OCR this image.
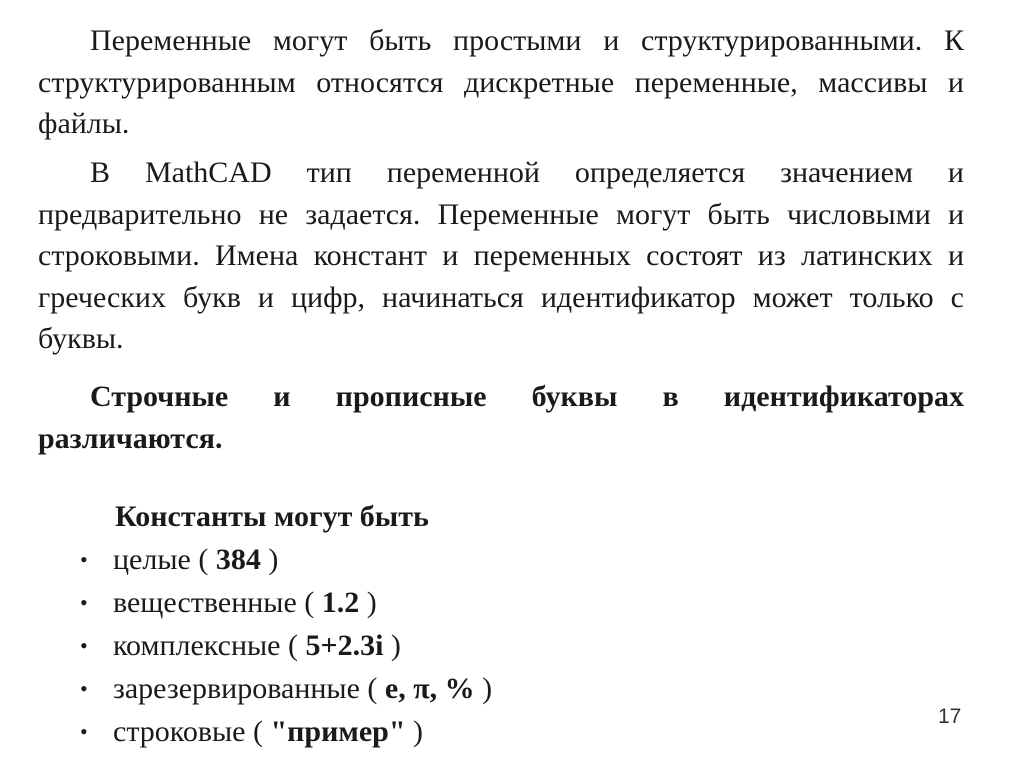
Переменные могут быть простыми и структурированными. К структурированным относятся дискретные переменные, массивы и файлы.

В MathCAD тип переменной определяется значением и предварительно не задается. Переменные могут быть числовыми и строковыми. Имена констант и переменных состоят из латинских и греческих букв и цифр, начинаться идентификатор может только с буквы.

Строчные и прописные буквы в идентификаторах различаются.

Константы могут быть

• целые ( 384 )
• вещественные ( 1.2 )
• комплексные ( 5+2.3i )
• зарезервированные ( e, π, % )
• строковые ( "пример" )	17
